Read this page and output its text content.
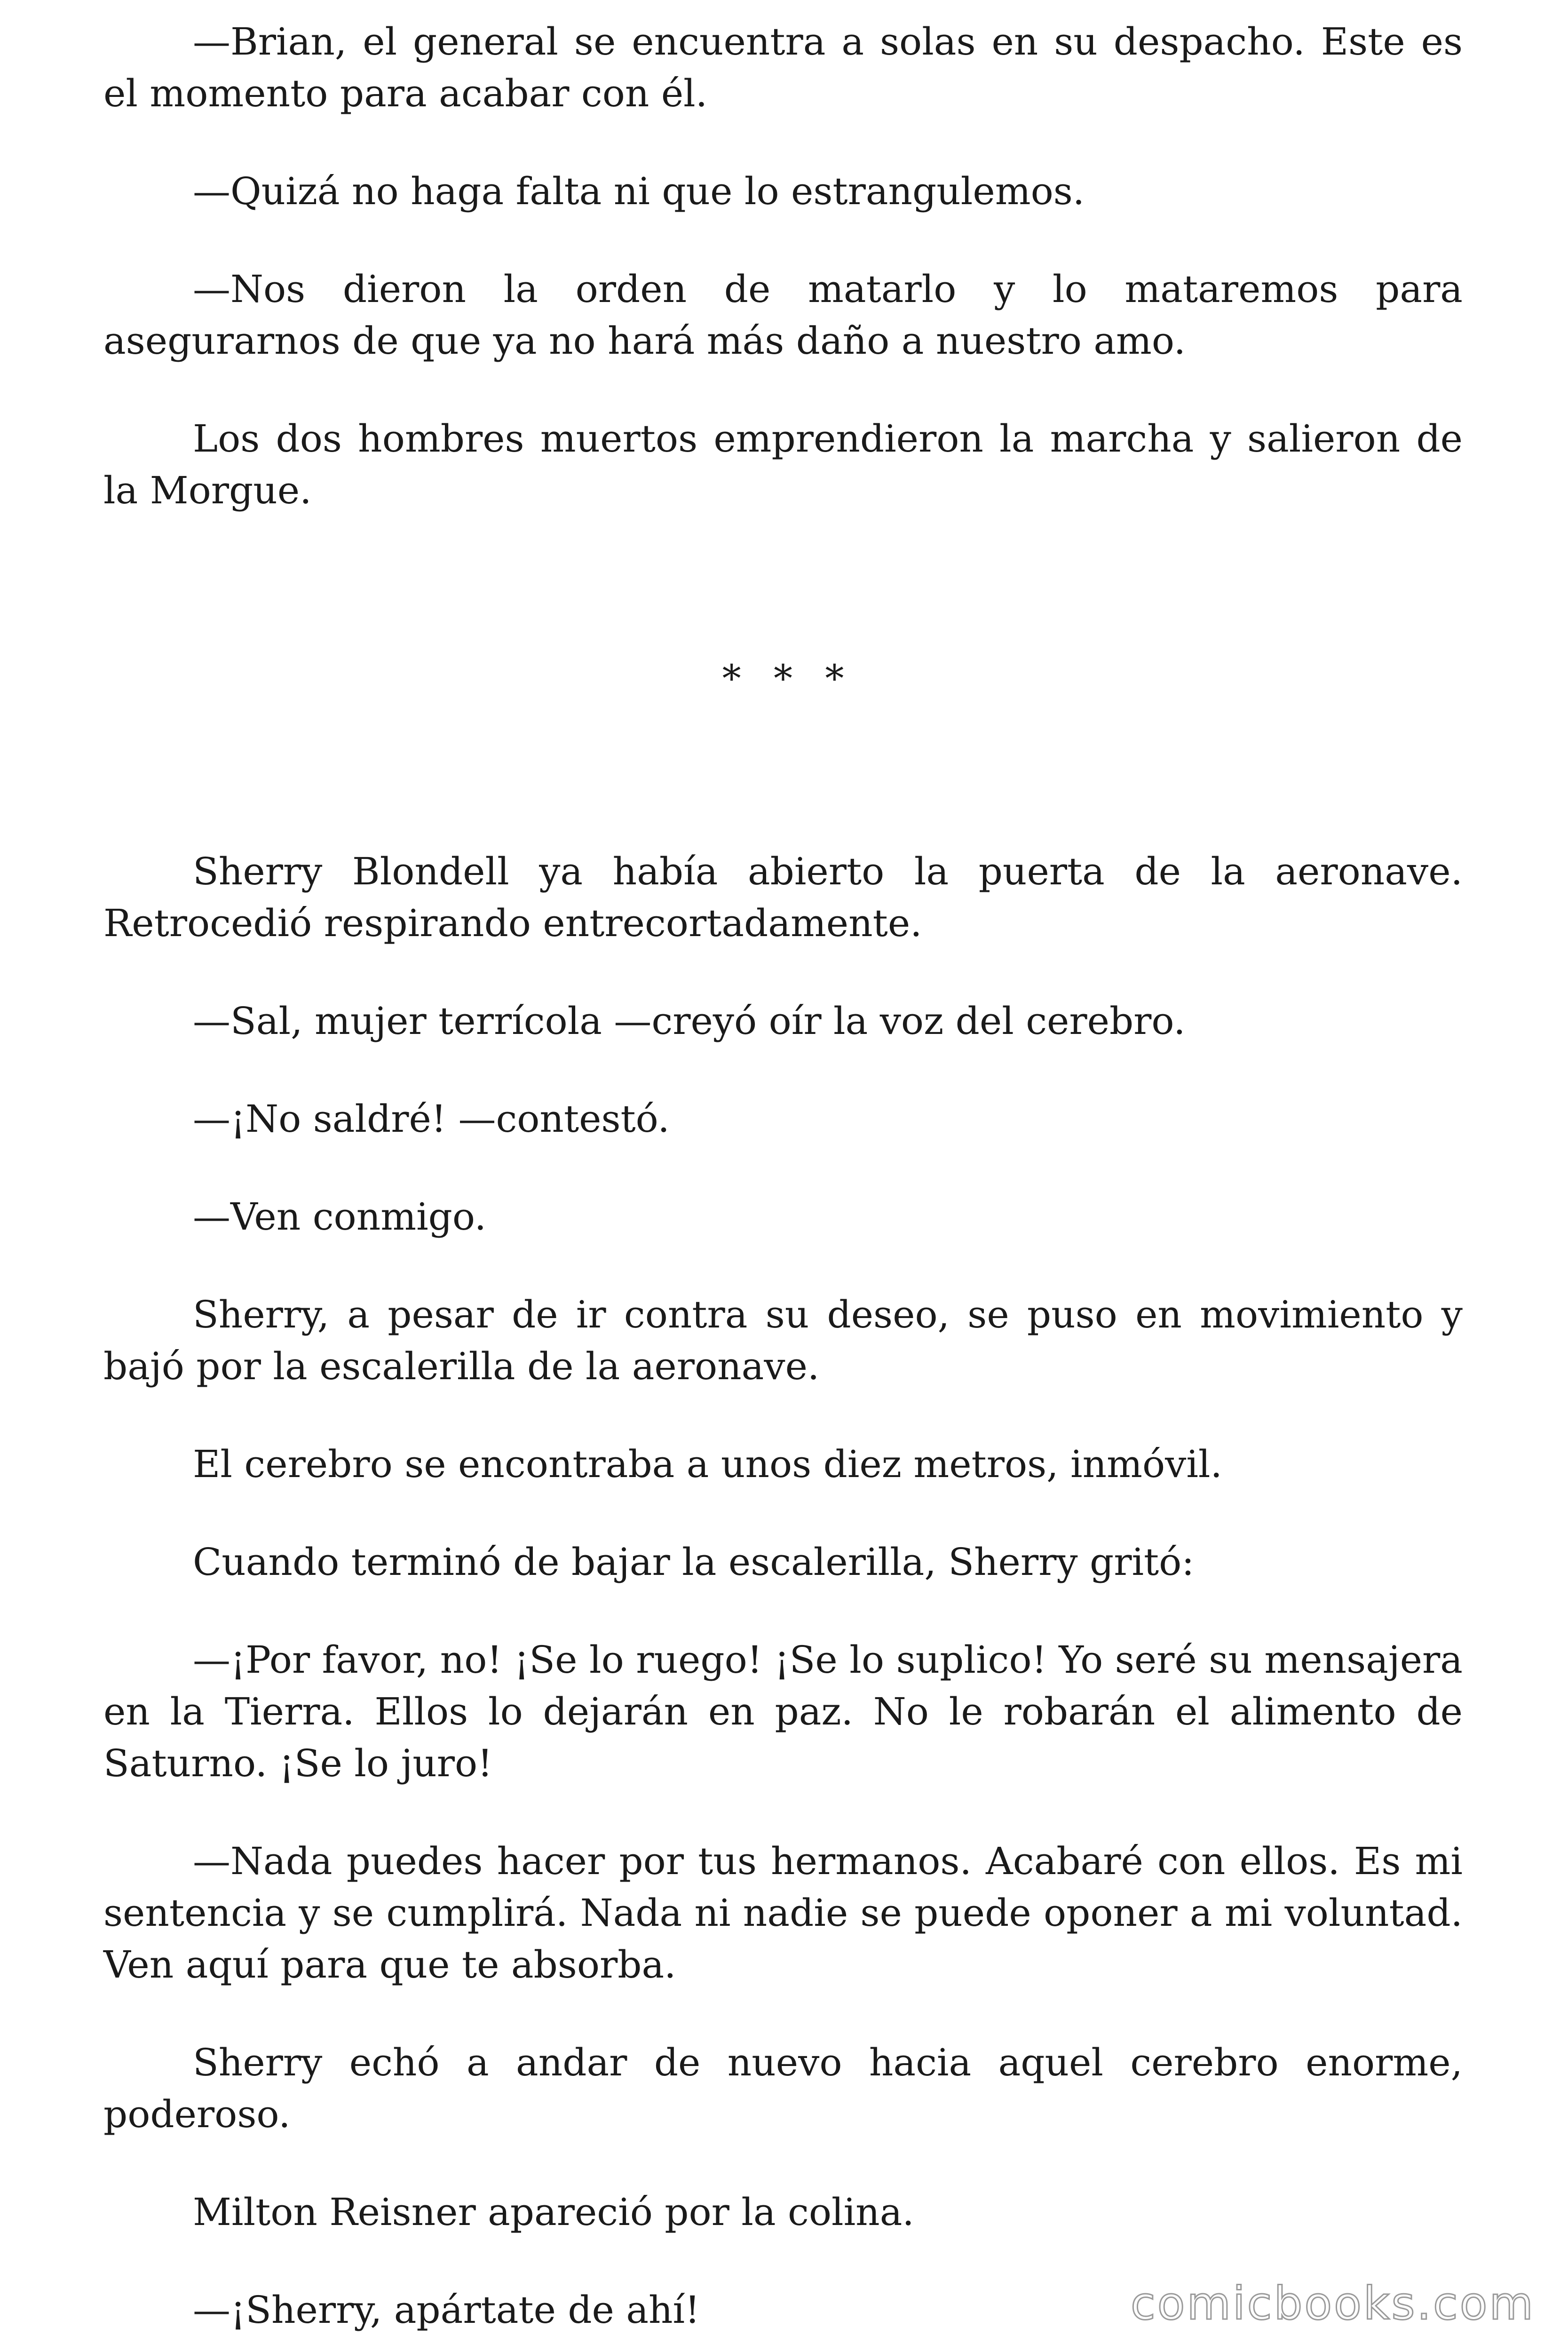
—Brian, el general se encuentra a solas en su despacho. Este es el momento para acabar con él.

—Quizá no haga falta ni que lo estrangulemos.

—Nos dieron la orden de matarlo y lo mataremos para asegurarnos de que ya no hará más daño a nuestro amo.

Los dos hombres muertos emprendieron la marcha y salieron de la Morgue.

* * *

Sherry Blondell ya había abierto la puerta de la aeronave. Retrocedió respirando entrecortadamente.

—Sal, mujer terrícola —creyó oír la voz del cerebro.

—¡No saldré! —contestó.

—Ven conmigo.

Sherry, a pesar de ir contra su deseo, se puso en movimiento y bajó por la escalerilla de la aeronave.

El cerebro se encontraba a unos diez metros, inmóvil.

Cuando terminó de bajar la escalerilla, Sherry gritó:

—¡Por favor, no! ¡Se lo ruego! ¡Se lo suplico! Yo seré su mensajera en la Tierra. Ellos lo dejarán en paz. No le robarán el alimento de Saturno. ¡Se lo juro!

—Nada puedes hacer por tus hermanos. Acabaré con ellos. Es mi sentencia y se cumplirá. Nada ni nadie se puede oponer a mi voluntad. Ven aquí para que te absorba.

Sherry echó a andar de nuevo hacia aquel cerebro enorme, poderoso.

Milton Reisner apareció por la colina.

—¡Sherry, apártate de ahí!	comicbooks.com
